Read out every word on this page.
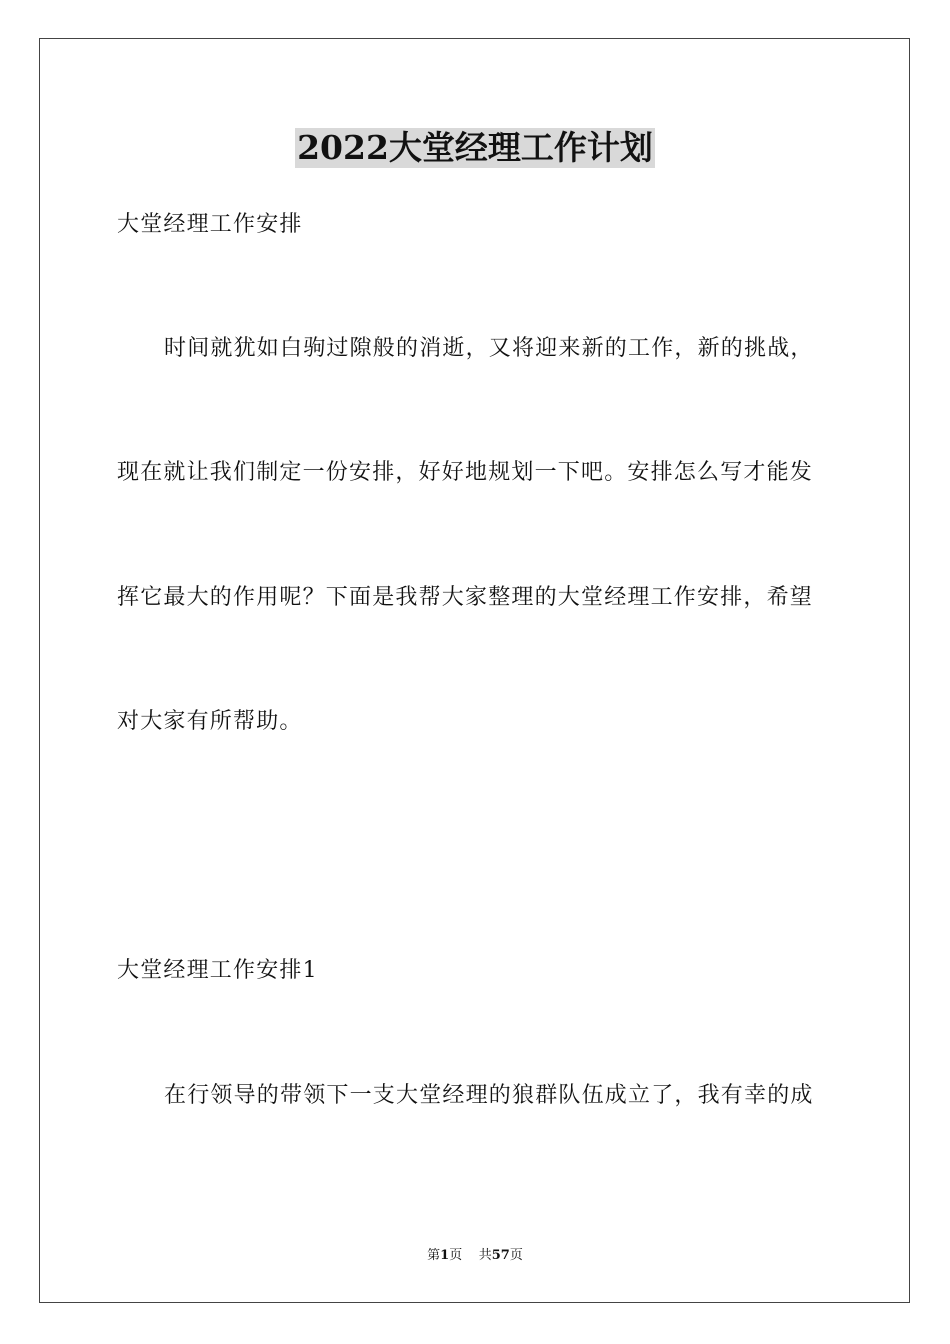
2022大堂经理工作计划
大堂经理工作安排
时间就犹如白驹过隙般的消逝，又将迎来新的工作，新的挑战，
现在就让我们制定一份安排，好好地规划一下吧。安排怎么写才能发
挥它最大的作用呢？下面是我帮大家整理的大堂经理工作安排，希望
对大家有所帮助。
大堂经理工作安排1
在行领导的带领下一支大堂经理的狼群队伍成立了，我有幸的成
第1页 共57页
